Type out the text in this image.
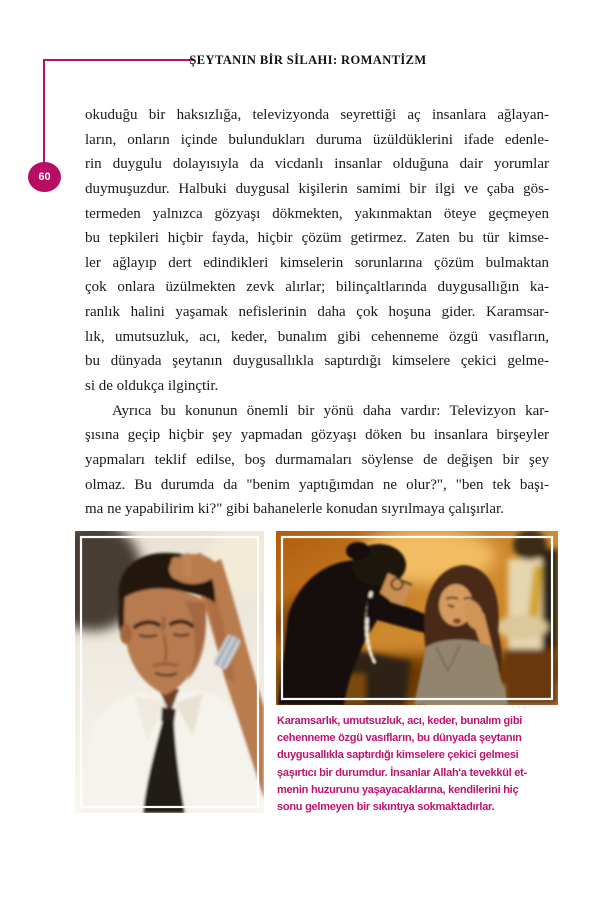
60
ŞEYTANIN BİR SİLAHI: ROMANTİZM
okuduğu bir haksızlığa, televizyonda seyrettiği aç insanlara ağlayan-
ların, onların içinde bulundukları duruma üzüldüklerini ifade edenle-
rin duygulu dolayısıyla da vicdanlı insanlar olduğuna dair yorumlar
duymuşuzdur. Halbuki duygusal kişilerin samimi bir ilgi ve çaba gös-
termeden yalnızca gözyaşı dökmekten, yakınmaktan öteye geçmeyen
bu tepkileri hiçbir fayda, hiçbir çözüm getirmez. Zaten bu tür kimse-
ler ağlayıp dert edindikleri kimselerin sorunlarına çözüm bulmaktan
çok onlara üzülmekten zevk alırlar; bilinçaltlarında duygusallığın ka-
ranlık halini yaşamak nefislerinin daha çok hoşuna gider. Karamsar-
lık, umutsuzluk, acı, keder, bunalım gibi cehenneme özgü vasıfların,
bu dünyada şeytanın duygusallıkla saptırdığı kimselere çekici gelme-
si de oldukça ilginçtir.
Ayrıca bu konunun önemli bir yönü daha vardır: Televizyon kar-
şısına geçip hiçbir şey yapmadan gözyaşı döken bu insanlara birşeyler
yapmaları teklif edilse, boş durmamaları söylense de değişen bir şey
olmaz. Bu durumda da "benim yaptığımdan ne olur?", "ben tek başı-
ma ne yapabilirim ki?" gibi bahanelerle konudan sıyrılmaya çalışırlar.
Karamsarlık, umutsuzluk, acı, keder, bunalım gibi
cehenneme özgü vasıfların, bu dünyada şeytanın
duygusallıkla saptırdığı kimselere çekici gelmesi
şaşırtıcı bir durumdur. İnsanlar Allah'a tevekkül et-
menin huzurunu yaşayacaklarına, kendilerini hiç
sonu gelmeyen bir sıkıntıya sokmaktadırlar.
